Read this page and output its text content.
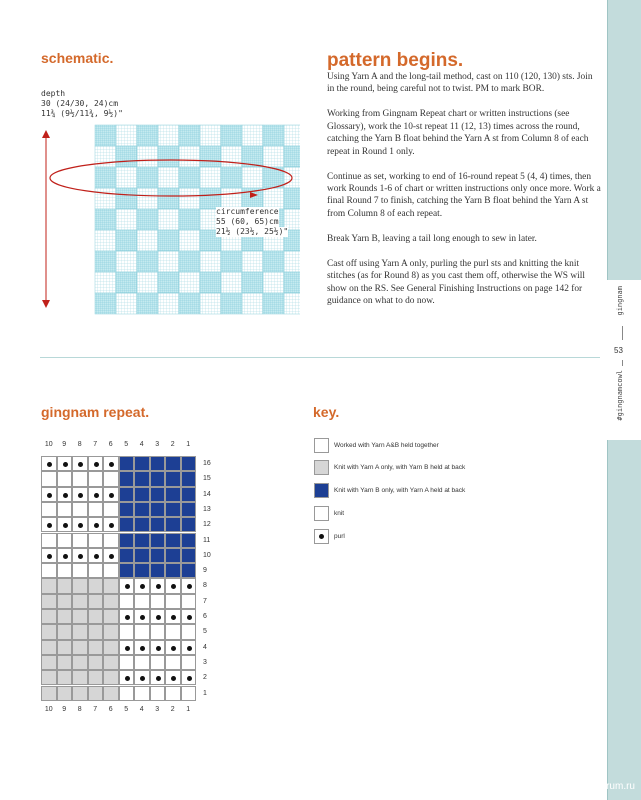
gingnam
53
#gingnamcowl
schematic.
depth
30 (24/30, 24)cm
11¾ (9½/11¾, 9½)"
circumference
55 (60, 65)cm
21½ (23½, 25½)"
pattern begins.

Using Yarn A and the long-tail method, cast on 110 (120, 130) sts. Join in the round, being careful not to twist. PM to mark BOR.

Working from Gingnam Repeat chart or written instructions (see Glossary), work the 10-st repeat 11 (12, 13) times across the round, catching the Yarn B float behind the Yarn A st from Column 8 of each repeat in Round 1 only.

Continue as set, working to end of 16-round repeat 5 (4, 4) times, then work Rounds 1-6 of chart or written instructions only once more. Work a final Round 7 to finish, catching the Yarn B float behind the Yarn A st from Column 8 of each repeat.

Break Yarn B, leaving a tail long enough to sew in later.

Cast off using Yarn A only, purling the purl sts and knitting the knit stitches (as for Round 8) as you cast them off, otherwise the WS will show on the RS. See General Finishing Instructions on page 142 for guidance on what to do now.

gingnam repeat.
10
10
9
9
8
8
7
7
6
6
5
5
4
4
3
3
2
2
1
1
16
15
14
13
12
11
10
9
8
7
6
5
4
3
2
1
key.
Worked with Yarn A&B held together
Knit with Yarn A only, with Yarn B held at back
Knit with Yarn B only, with Yarn A held at back
knit
purl
PassionForum.ru
